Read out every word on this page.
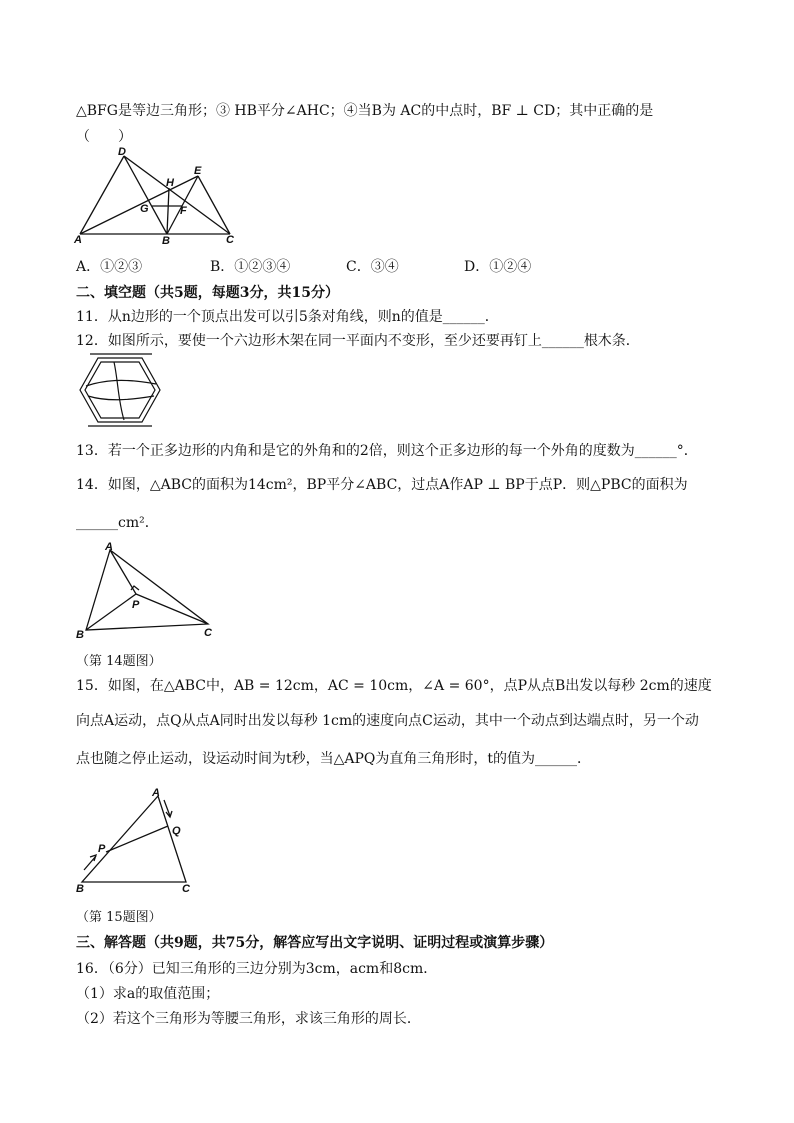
△BFG是等边三角形；③ HB平分∠AHC；④当B为 AC的中点时，BF ⊥ CD；其中正确的是
（　　）
D
E
H
G	F
A	B	C
A．①②③	B．①②③④	C．③④	D．①②④
二、填空题（共5题，每题3分，共15分）
11．从n边形的一个顶点出发可以引5条对角线，则n的值是______．
12．如图所示，要使一个六边形木架在同一平面内不变形，至少还要再钉上______根木条．
13．若一个正多边形的内角和是它的外角和的2倍，则这个正多边形的每一个外角的度数为______°．
14．如图，△ABC的面积为14cm²，BP平分∠ABC，过点A作AP ⊥ BP于点P．则△PBC的面积为
______cm²．
A
P
B	C
（第 14题图）
15．如图，在△ABC中，AB = 12cm，AC = 10cm，∠A = 60°，点P从点B出发以每秒 2cm的速度
向点A运动，点Q从点A同时出发以每秒 1cm的速度向点C运动，其中一个动点到达端点时，另一个动
点也随之停止运动，设运动时间为t秒，当△APQ为直角三角形时，t的值为______．
A
Q
P
B	C
（第 15题图）
三、解答题（共9题，共75分，解答应写出文字说明、证明过程或演算步骤）
16．（6分）已知三角形的三边分别为3cm，acm和8cm．
（1）求a的取值范围；
（2）若这个三角形为等腰三角形，求该三角形的周长．
